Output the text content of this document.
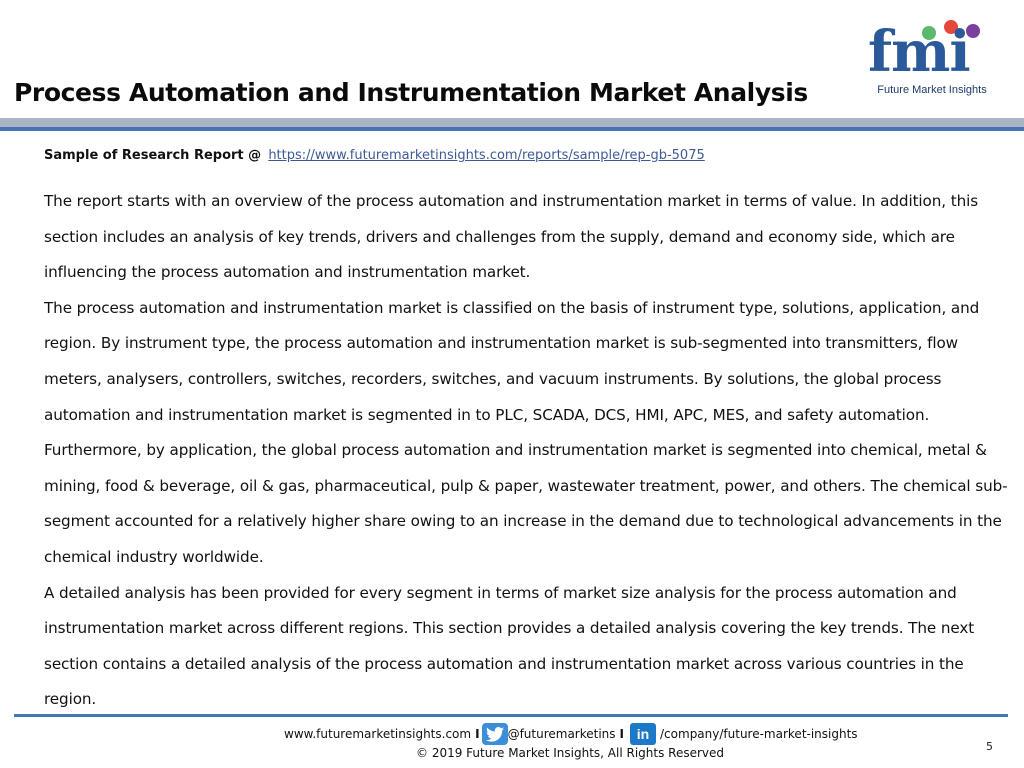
Process Automation and Instrumentation Market Analysis
fmi
Future Market Insights
Sample of Research Report @ https://www.futuremarketinsights.com/reports/sample/rep-gb-5075

The report starts with an overview of the process automation and instrumentation market in terms of value. In addition, this section includes an analysis of key trends, drivers and challenges from the supply, demand and economy side, which are influencing the process automation and instrumentation market.

The process automation and instrumentation market is classified on the basis of instrument type, solutions, application, and region. By instrument type, the process automation and instrumentation market is sub-segmented into transmitters, flow meters, analysers, controllers, switches, recorders, switches, and vacuum instruments. By solutions, the global process automation and instrumentation market is segmented in to PLC, SCADA, DCS, HMI, APC, MES, and safety automation. Furthermore, by application, the global process automation and instrumentation market is segmented into chemical, metal & mining, food & beverage, oil & gas, pharmaceutical, pulp & paper, wastewater treatment, power, and others. The chemical sub-segment accounted for a relatively higher share owing to an increase in the demand due to technological advancements in the chemical industry worldwide.

A detailed analysis has been provided for every segment in terms of market size analysis for the process automation and instrumentation market across different regions. This section provides a detailed analysis covering the key trends. The next section contains a detailed analysis of the process automation and instrumentation market across various countries in the region.

www.futuremarketinsights.com I @futuremarketins I in /company/future-market-insights
© 2019 Future Market Insights, All Rights Reserved	5
